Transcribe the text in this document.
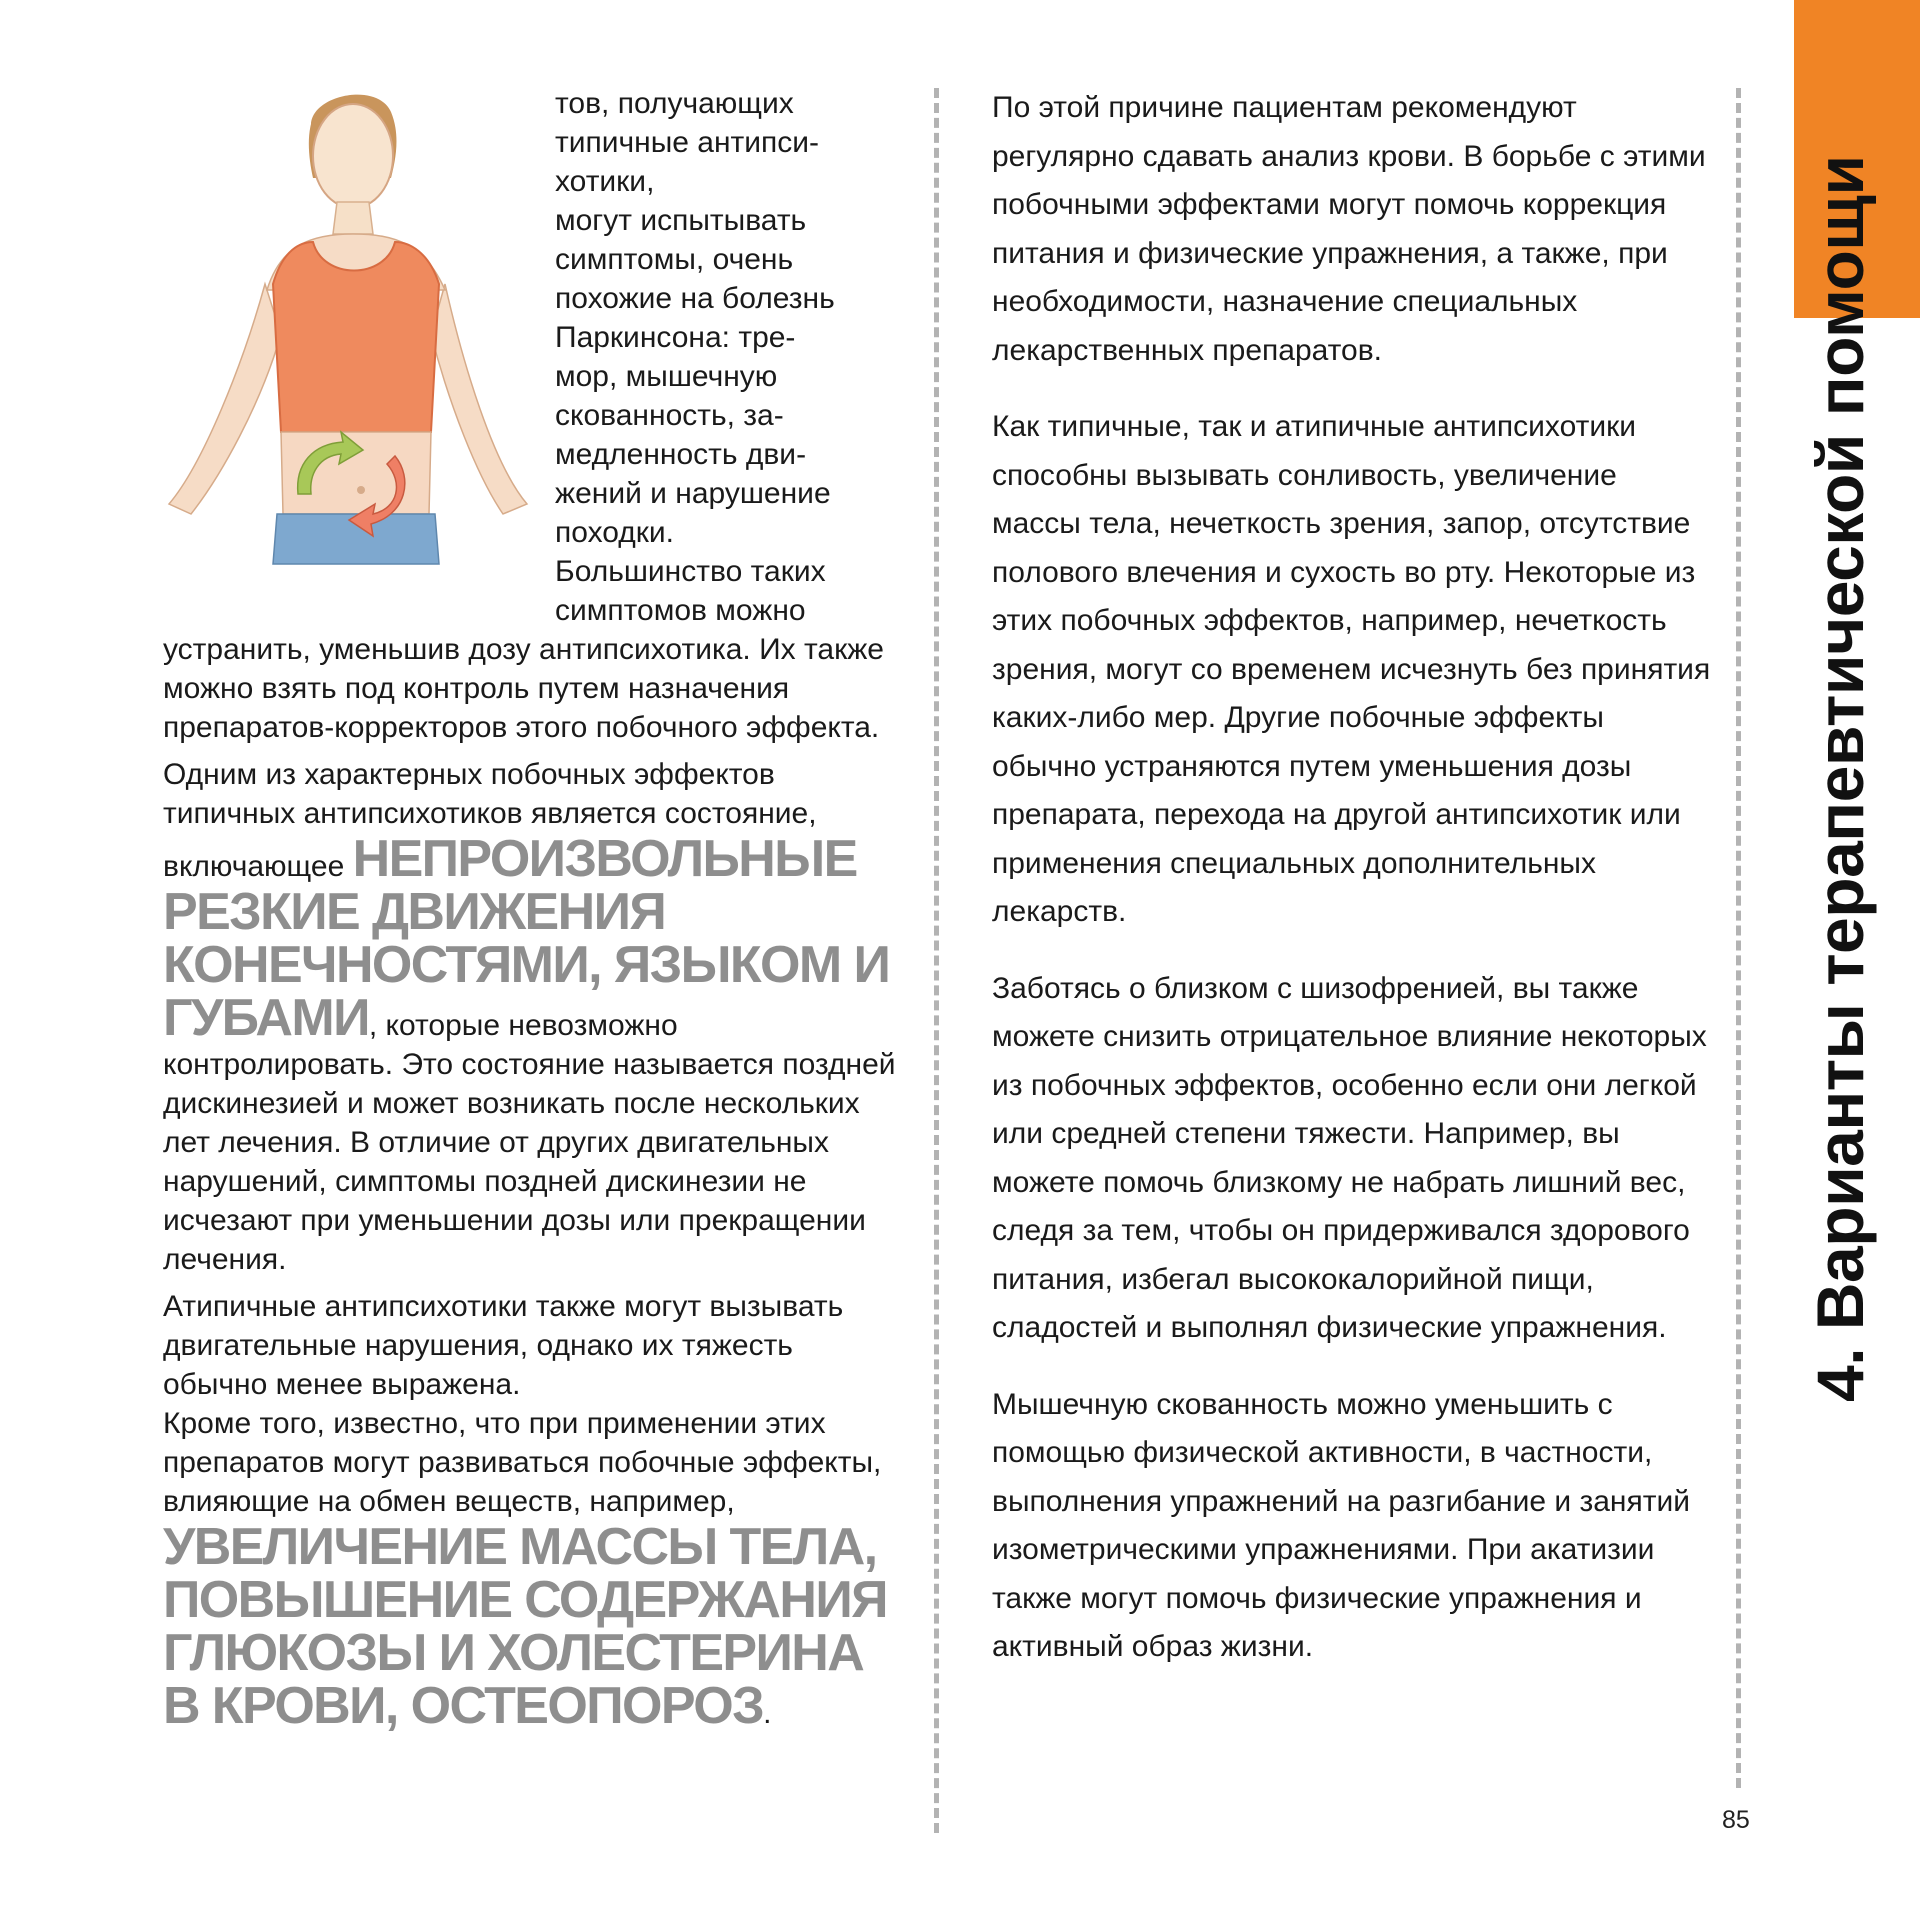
4. Варианты терапевтической помощи

тов, получающих
типичные антипси-
хотики,
могут испытывать
симптомы, очень
похожие на болезнь
Паркинсона: тре-
мор, мышечную
скованность, за-
медленность дви-
жений и нарушение
походки.

Большинство таких симптомов можно устранить, уменьшив дозу антипсихотика. Их также можно взять под контроль путем назначения препаратов-корректоров этого побочного эффекта.

Одним из характерных побочных эффектов типичных антипсихотиков является состояние, включающее НЕПРОИЗВОЛЬНЫЕ РЕЗКИЕ ДВИЖЕНИЯ КОНЕЧНОСТЯМИ, ЯЗЫКОМ И ГУБАМИ, которые невозможно контролировать. Это состояние называется поздней дискинезией и может возникать после нескольких лет лечения. В отличие от других двигательных нарушений, симптомы поздней дискинезии не исчезают при уменьшении дозы или прекращении лечения.

Атипичные антипсихотики также могут вызывать двигательные нарушения, однако их тяжесть обычно менее выражена.

Кроме того, известно, что при применении этих препаратов могут развиваться побочные эффекты, влияющие на обмен веществ, например, УВЕЛИЧЕНИЕ МАССЫ ТЕЛА, ПОВЫШЕНИЕ СОДЕРЖАНИЯ ГЛЮКОЗЫ И ХОЛЕСТЕРИНА В КРОВИ, ОСТЕОПОРОЗ.

По этой причине пациентам рекомендуют регулярно сдавать анализ крови. В борьбе с этими побочными эффектами могут помочь коррекция питания и физические упражнения, а также, при необходимости, назначение специальных лекарственных препаратов.

Как типичные, так и атипичные антипсихотики способны вызывать сонливость, увеличение массы тела, нечеткость зрения, запор, отсутствие полового влечения и сухость во рту. Некоторые из этих побочных эффектов, например, нечеткость зрения, могут со временем исчезнуть без принятия каких-либо мер. Другие побочные эффекты обычно устраняются путем уменьшения дозы препарата, перехода на другой антипсихотик или применения специальных дополнительных лекарств.

Заботясь о близком с шизофренией, вы также можете снизить отрицательное влияние некоторых из побочных эффектов, особенно если они легкой или средней степени тяжести. Например, вы можете помочь близкому не набрать лишний вес, следя за тем, чтобы он придерживался здорового питания, избегал высококалорийной пищи, сладостей и выполнял физические упражнения.

Мышечную скованность можно уменьшить с помощью физической активности, в частности, выполнения упражнений на разгибание и занятий изометрическими упражнениями. При акатизии также могут помочь физические упражнения и активный образ жизни.

85
